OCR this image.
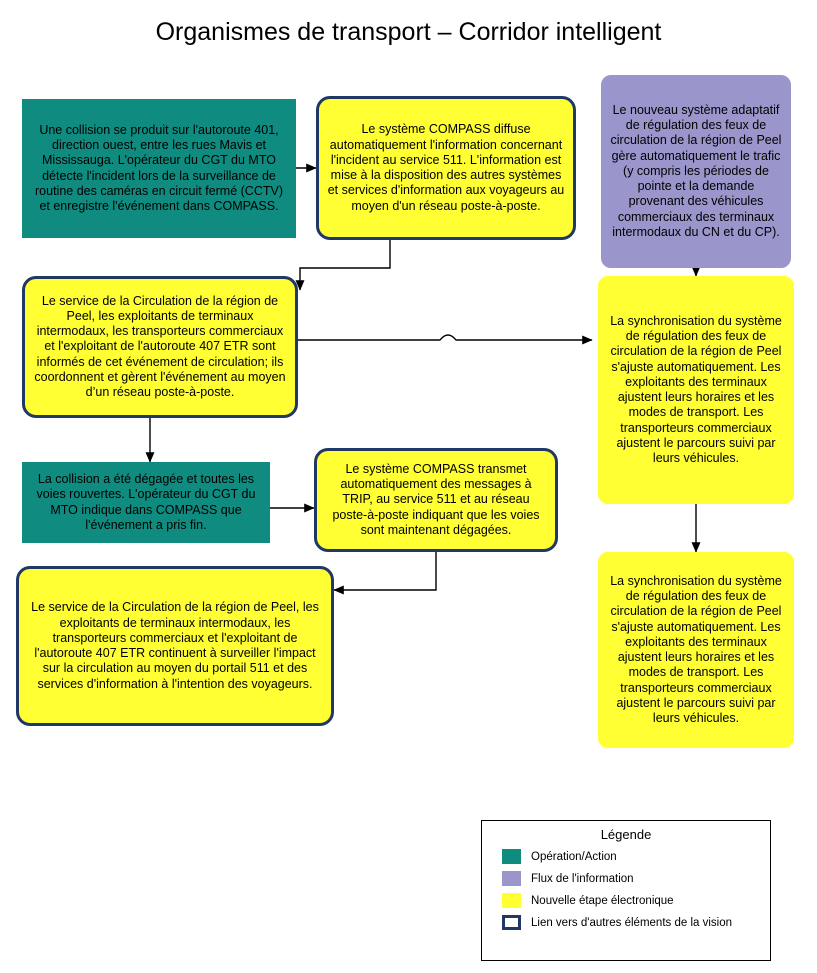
Organismes de transport – Corridor intelligent
Une collision se produit sur l'autoroute 401, direction ouest, entre les rues Mavis et Mississauga. L'opérateur du CGT du MTO détecte l'incident lors de la surveillance de routine des caméras en circuit fermé (CCTV) et enregistre l'événement dans COMPASS.
Le système COMPASS diffuse automatiquement l'information concernant l'incident au service 511. L'information est mise à la disposition des autres systèmes et services d'information aux voyageurs au moyen d'un réseau poste-à-poste.
Le nouveau système adaptatif de régulation des feux de circulation de la région de Peel gère automatiquement le trafic (y compris les périodes de pointe et la demande provenant des véhicules commerciaux des terminaux intermodaux du CN et du CP).
Le service de la Circulation de la région de Peel, les exploitants de terminaux intermodaux, les transporteurs commerciaux et l'exploitant de l'autoroute 407 ETR sont informés de cet événement de circulation; ils coordonnent et gèrent l'événement au moyen d’un réseau poste-à-poste.
La synchronisation du système de régulation des feux de circulation de la région de Peel s'ajuste automatiquement. Les exploitants des terminaux ajustent leurs horaires et les modes de transport. Les transporteurs commerciaux ajustent le parcours suivi par leurs véhicules.
La collision a été dégagée et toutes les voies rouvertes. L'opérateur du CGT du MTO indique dans COMPASS que l'événement a pris fin.
Le système COMPASS transmet automatiquement des messages à TRIP, au service 511 et au réseau poste-à-poste indiquant que les voies sont maintenant dégagées.
La synchronisation du système de régulation des feux de circulation de la région de Peel s'ajuste automatiquement. Les exploitants des terminaux ajustent leurs horaires et les modes de transport. Les transporteurs commerciaux ajustent le parcours suivi par leurs véhicules.
Le service de la Circulation de la région de Peel, les exploitants de terminaux intermodaux, les transporteurs commerciaux et l'exploitant de l'autoroute 407 ETR continuent à surveiller l'impact sur la circulation au moyen du portail 511 et des services d'information à l'intention des voyageurs.
Légende
Opération/Action
Flux de l'information
Nouvelle étape électronique
Lien vers d'autres éléments de la vision
